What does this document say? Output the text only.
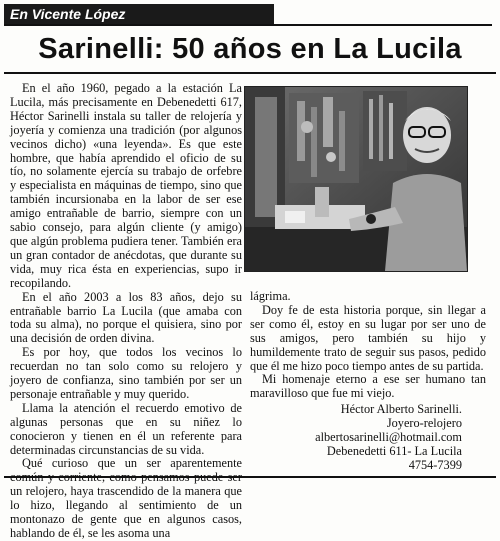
En Vicente López
Sarinelli: 50 años en La Lucila

En el año 1960, pegado a la estación La Lucila, más precisamente en Debenedetti 617, Héctor Sarinelli instala su taller de relojería y joyería y comienza una tradición (por algunos vecinos dicho) «una leyenda». Es que este hombre, que había aprendido el oficio de su tío, no solamente ejercía su trabajo de orfebre y especialista en máquinas de tiempo, sino que también incursionaba en la labor de ser ese amigo entrañable de barrio, siempre con un sabio consejo, para algún cliente (y amigo) que algún problema pudiera tener. También era un gran contador de anécdotas, que durante su vida, muy rica ésta en experiencias, supo ir recopilando.

En el año 2003 a los 83 años, dejo su entrañable barrio La Lucila (que amaba con toda su alma), no porque el quisiera, sino por una decisión de orden divina.

Es por hoy, que todos los vecinos lo recuerdan no tan solo como su relojero y joyero de confianza, sino también por ser un personaje entrañable y muy querido.

Llama la atención el recuerdo emotivo de algunas personas que en su niñez lo conocieron y tienen en él un referente para determinadas circunstancias de su vida.

Qué curioso que un ser aparentemente común y corriente, como pensamos puede ser un relojero, haya trascendido de la manera que lo hizo, llegando al sentimiento de un montonazo de gente que en algunos casos, hablando de él, se les asoma una

lágrima.

Doy fe de esta historia porque, sin llegar a ser como él, estoy en su lugar por ser uno de sus amigos, pero también su hijo y humildemente trato de seguir sus pasos, pedido que él me hizo poco tiempo antes de su partida.

Mi homenaje eterno a ese ser humano tan maravilloso que fue mi viejo.

Héctor Alberto Sarinelli.
Joyero-relojero
albertosarinelli@hotmail.com
Debenedetti 611- La Lucila
4754-7399
